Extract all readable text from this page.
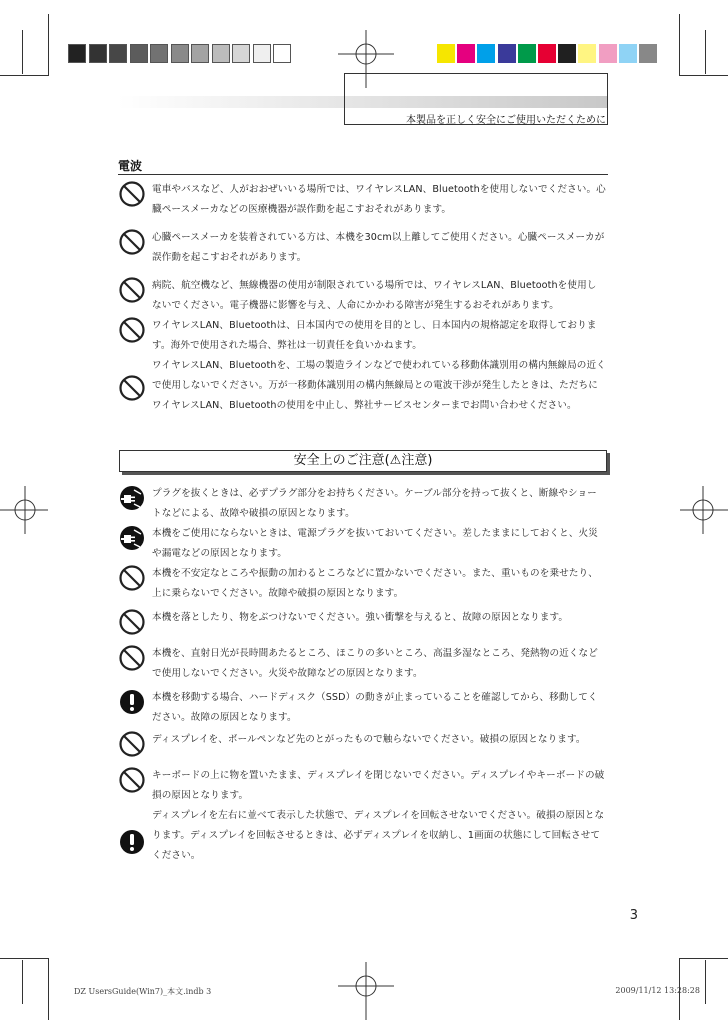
本製品を正しく安全にご使用いただくために
電波
電車やバスなど、人がおおぜいいる場所では、ワイヤレスLAN、Bluetoothを使用しないでください。心臓ペースメーカなどの医療機器が誤作動を起こすおそれがあります。
心臓ペースメーカを装着されている方は、本機を30cm以上離してご使用ください。心臓ペースメーカが誤作動を起こすおそれがあります。
病院、航空機など、無線機器の使用が制限されている場所では、ワイヤレスLAN、Bluetoothを使用しないでください。電子機器に影響を与え、人命にかかわる障害が発生するおそれがあります。
ワイヤレスLAN、Bluetoothは、日本国内での使用を目的とし、日本国内の規格認定を取得しております。海外で使用された場合、弊社は一切責任を負いかねます。
ワイヤレスLAN、Bluetoothを、工場の製造ラインなどで使われている移動体識別用の構内無線局の近くで使用しないでください。万が一移動体識別用の構内無線局との電波干渉が発生したときは、ただちにワイヤレスLAN、Bluetoothの使用を中止し、弊社サービスセンターまでお問い合わせください。
安全上のご注意(⚠注意)
プラグを抜くときは、必ずプラグ部分をお持ちください。ケーブル部分を持って抜くと、断線やショートなどによる、故障や破損の原因となります。
本機をご使用にならないときは、電源プラグを抜いておいてください。差したままにしておくと、火災や漏電などの原因となります。
本機を不安定なところや振動の加わるところなどに置かないでください。また、重いものを乗せたり、上に乗らないでください。故障や破損の原因となります。
本機を落としたり、物をぶつけないでください。強い衝撃を与えると、故障の原因となります。
本機を、直射日光が長時間あたるところ、ほこりの多いところ、高温多湿なところ、発熱物の近くなどで使用しないでください。火災や故障などの原因となります。
本機を移動する場合、ハードディスク（SSD）の動きが止まっていることを確認してから、移動してください。故障の原因となります。
ディスプレイを、ボールペンなど先のとがったもので触らないでください。破損の原因となります。
キーボードの上に物を置いたまま、ディスプレイを閉じないでください。ディスプレイやキーボードの破損の原因となります。
ディスプレイを左右に並べて表示した状態で、ディスプレイを回転させないでください。破損の原因となります。ディスプレイを回転させるときは、必ずディスプレイを収納し、1画面の状態にして回転させてください。
3
DZ UsersGuide(Win7)_本文.indb 3	2009/11/12 13:28:28
